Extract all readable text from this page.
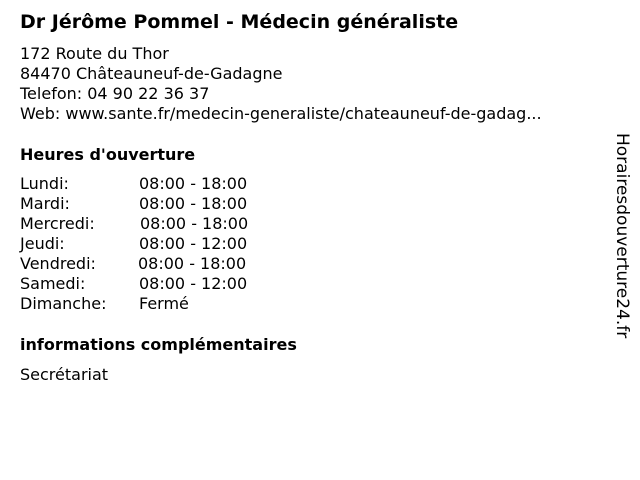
Dr Jérôme Pommel - Médecin généraliste
172 Route du Thor
84470 Châteauneuf-de-Gadagne
Telefon: 04 90 22 36 37
Web: www.sante.fr/medecin-generaliste/chateauneuf-de-gadag...
Heures d'ouverture
Lundi:	08:00 - 18:00
Mardi:	08:00 - 18:00
Mercredi:	08:00 - 18:00
Jeudi:	08:00 - 12:00
Vendredi:	08:00 - 18:00
Samedi:	08:00 - 12:00
Dimanche: Fermé
informations complémentaires
Secrétariat
Horairesdouverture24.fr
